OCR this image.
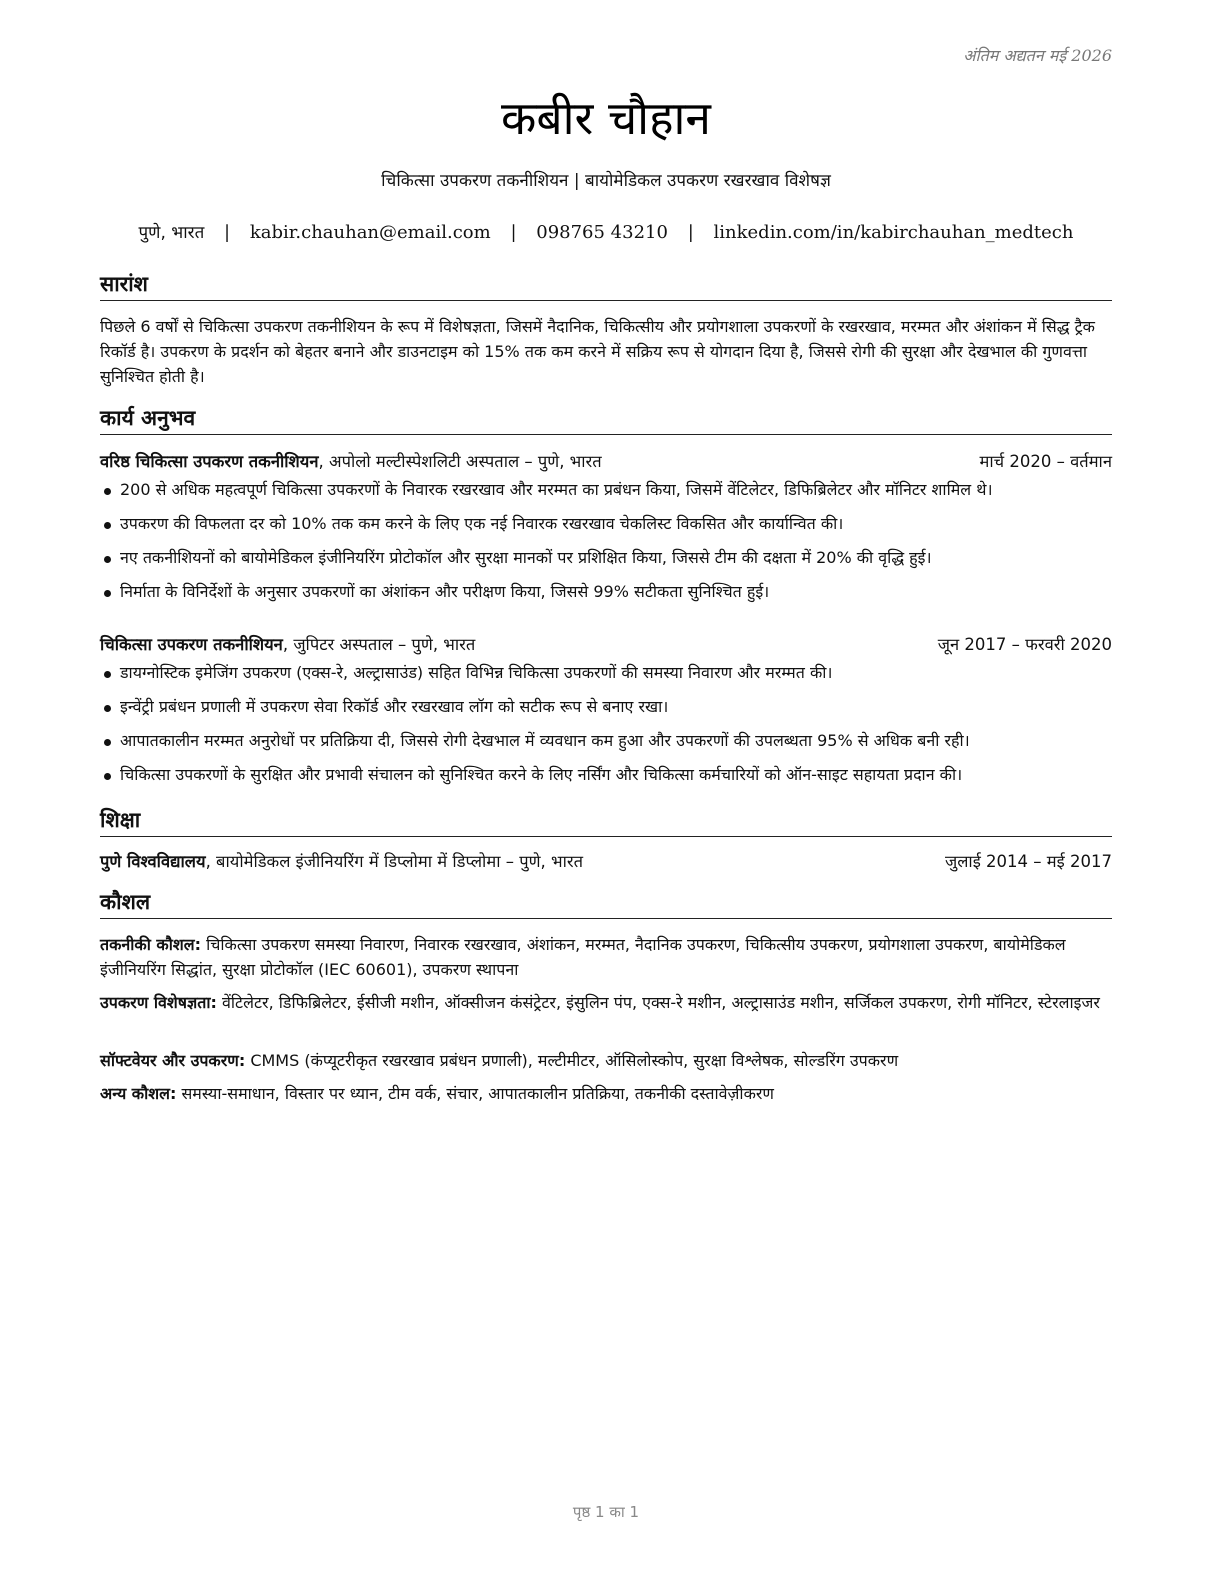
अंतिम अद्यतन मई 2026
कबीर चौहान
चिकित्सा उपकरण तकनीशियन | बायोमेडिकल उपकरण रखरखाव विशेषज्ञ
पुणे, भारत | kabir.chauhan@email.com | 098765 43210 | linkedin.com/in/kabirchauhan_medtech
सारांश
पिछले 6 वर्षों से चिकित्सा उपकरण तकनीशियन के रूप में विशेषज्ञता, जिसमें नैदानिक, चिकित्सीय और प्रयोगशाला उपकरणों के रखरखाव, मरम्मत और अंशांकन में सिद्ध ट्रैक रिकॉर्ड है। उपकरण के प्रदर्शन को बेहतर बनाने और डाउनटाइम को 15% तक कम करने में सक्रिय रूप से योगदान दिया है, जिससे रोगी की सुरक्षा और देखभाल की गुणवत्ता सुनिश्चित होती है।
कार्य अनुभव
वरिष्ठ चिकित्सा उपकरण तकनीशियन, अपोलो मल्टीस्पेशलिटी अस्पताल – पुणे, भारत	मार्च 2020 – वर्तमान
200 से अधिक महत्वपूर्ण चिकित्सा उपकरणों के निवारक रखरखाव और मरम्मत का प्रबंधन किया, जिसमें वेंटिलेटर, डिफिब्रिलेटर और मॉनिटर शामिल थे।
उपकरण की विफलता दर को 10% तक कम करने के लिए एक नई निवारक रखरखाव चेकलिस्ट विकसित और कार्यान्वित की।
नए तकनीशियनों को बायोमेडिकल इंजीनियरिंग प्रोटोकॉल और सुरक्षा मानकों पर प्रशिक्षित किया, जिससे टीम की दक्षता में 20% की वृद्धि हुई।
निर्माता के विनिर्देशों के अनुसार उपकरणों का अंशांकन और परीक्षण किया, जिससे 99% सटीकता सुनिश्चित हुई।
चिकित्सा उपकरण तकनीशियन, जुपिटर अस्पताल – पुणे, भारत	जून 2017 – फरवरी 2020
डायग्नोस्टिक इमेजिंग उपकरण (एक्स-रे, अल्ट्रासाउंड) सहित विभिन्न चिकित्सा उपकरणों की समस्या निवारण और मरम्मत की।
इन्वेंट्री प्रबंधन प्रणाली में उपकरण सेवा रिकॉर्ड और रखरखाव लॉग को सटीक रूप से बनाए रखा।
आपातकालीन मरम्मत अनुरोधों पर प्रतिक्रिया दी, जिससे रोगी देखभाल में व्यवधान कम हुआ और उपकरणों की उपलब्धता 95% से अधिक बनी रही।
चिकित्सा उपकरणों के सुरक्षित और प्रभावी संचालन को सुनिश्चित करने के लिए नर्सिंग और चिकित्सा कर्मचारियों को ऑन-साइट सहायता प्रदान की।
शिक्षा
पुणे विश्वविद्यालय, बायोमेडिकल इंजीनियरिंग में डिप्लोमा में डिप्लोमा – पुणे, भारत	जुलाई 2014 – मई 2017
कौशल
तकनीकी कौशल: चिकित्सा उपकरण समस्या निवारण, निवारक रखरखाव, अंशांकन, मरम्मत, नैदानिक उपकरण, चिकित्सीय उपकरण, प्रयोगशाला उपकरण, बायोमेडिकल इंजीनियरिंग सिद्धांत, सुरक्षा प्रोटोकॉल (IEC 60601), उपकरण स्थापना
उपकरण विशेषज्ञता: वेंटिलेटर, डिफिब्रिलेटर, ईसीजी मशीन, ऑक्सीजन कंसंट्रेटर, इंसुलिन पंप, एक्स-रे मशीन, अल्ट्रासाउंड मशीन, सर्जिकल उपकरण, रोगी मॉनिटर, स्टेरलाइजर
सॉफ्टवेयर और उपकरण: CMMS (कंप्यूटरीकृत रखरखाव प्रबंधन प्रणाली), मल्टीमीटर, ऑसिलोस्कोप, सुरक्षा विश्लेषक, सोल्डरिंग उपकरण
अन्य कौशल: समस्या-समाधान, विस्तार पर ध्यान, टीम वर्क, संचार, आपातकालीन प्रतिक्रिया, तकनीकी दस्तावेज़ीकरण
पृष्ठ 1 का 1
